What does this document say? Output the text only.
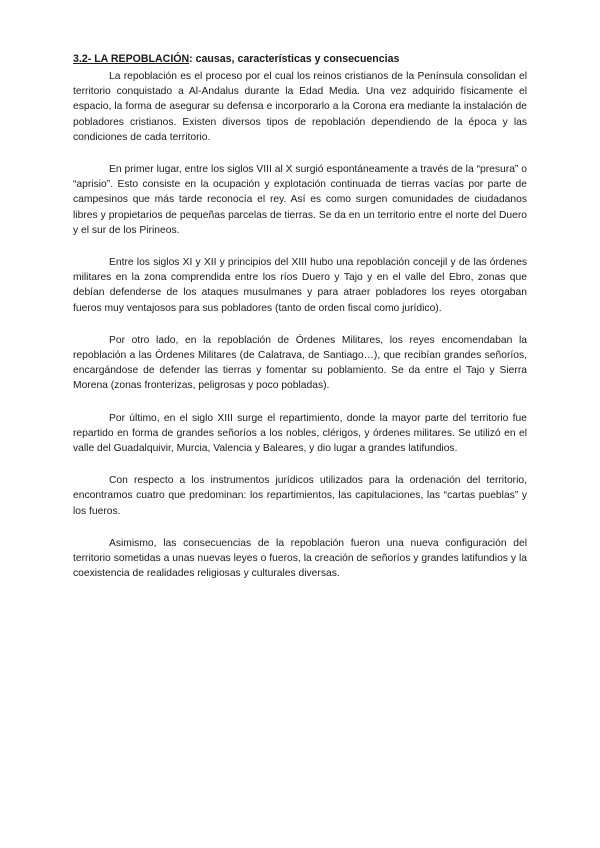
3.2- LA REPOBLACIÓN: causas, características y consecuencias

La repoblación es el proceso por el cual los reinos cristianos de la Península consolidan el territorio conquistado a Al-Andalus durante la Edad Media. Una vez adquirido físicamente el espacio, la forma de asegurar su defensa e incorporarlo a la Corona era mediante la instalación de pobladores cristianos. Existen diversos tipos de repoblación dependiendo de la época y las condiciones de cada territorio.

En primer lugar, entre los siglos VIII al X surgió espontáneamente a través de la “presura” o “aprisio”. Esto consiste en la ocupación y explotación continuada de tierras vacías por parte de campesinos que más tarde reconocía el rey. Así es como surgen comunidades de ciudadanos libres y propietarios de pequeñas parcelas de tierras. Se da en un territorio entre el norte del Duero y el sur de los Pirineos.

Entre los siglos XI y XII y principios del XIII hubo una repoblación concejil y de las órdenes militares en la zona comprendida entre los ríos Duero y Tajo y en el valle del Ebro, zonas que debían defenderse de los ataques musulmanes y para atraer pobladores los reyes otorgaban fueros muy ventajosos para sus pobladores (tanto de orden fiscal como jurídico).

Por otro lado, en la repoblación de Órdenes Militares, los reyes encomendaban la repoblación a las Órdenes Militares (de Calatrava, de Santiago…), que recibían grandes señoríos, encargándose de defender las tierras y fomentar su poblamiento. Se da entre el Tajo y Sierra Morena (zonas fronterizas, peligrosas y poco pobladas).

Por último, en el siglo XIII surge el repartimiento, donde la mayor parte del territorio fue repartido en forma de grandes señoríos a los nobles, clérigos, y órdenes militares. Se utilizó en el valle del Guadalquivir, Murcia, Valencia y Baleares, y dio lugar a grandes latifundios.

Con respecto a los instrumentos jurídicos utilizados para la ordenación del territorio, encontramos cuatro que predominan: los repartimientos, las capitulaciones, las “cartas pueblas” y los fueros.

Asimismo, las consecuencias de la repoblación fueron una nueva configuración del territorio sometidas a unas nuevas leyes o fueros, la creación de señoríos y grandes latifundios y la coexistencia de realidades religiosas y culturales diversas.
